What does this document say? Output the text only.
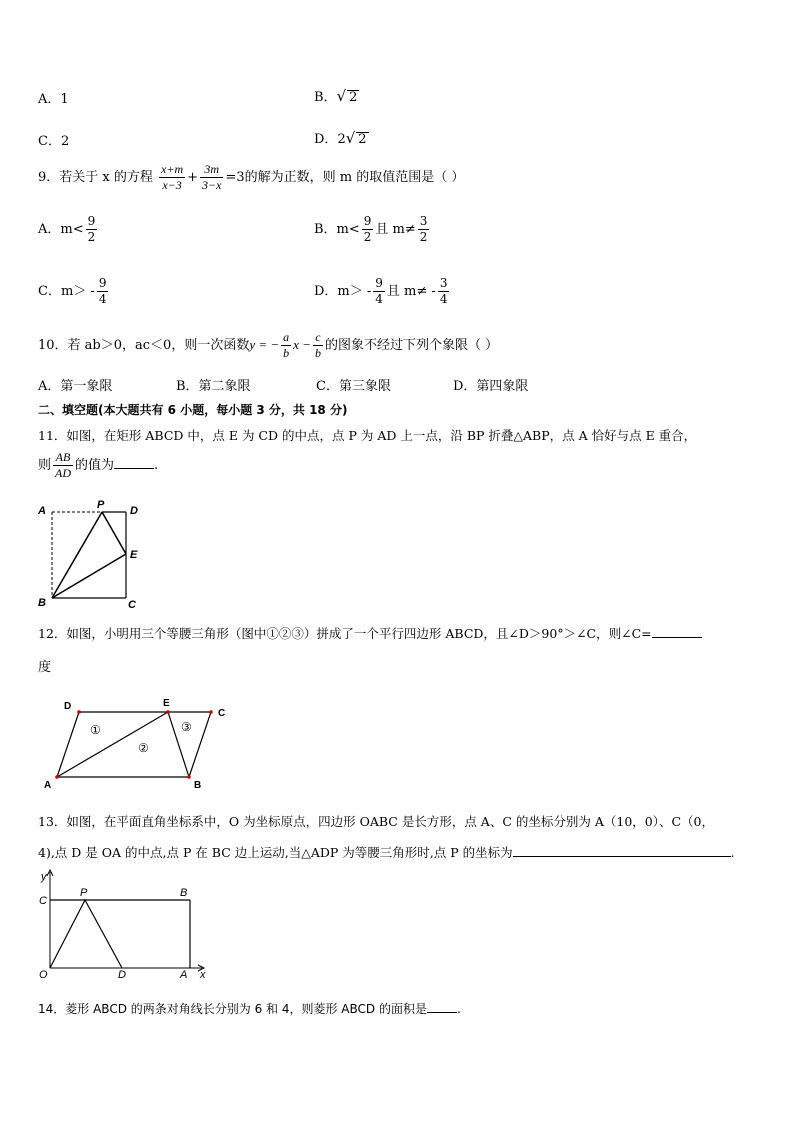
A．1	B．√ 2
C．2	D．2√ 2
9．若关于 x 的方程 $\frac{x+m}{x-3} + \frac{3m}{3-x} =3$的解为正数，则 m 的取值范围是（ ）
A．$m< \frac{9}{2}$	B．$m< \frac{9}{2}$ 且 $m\ne \frac{3}{2}$
C．$m> - \frac{9}{4}$	D．$m> - \frac{9}{4}$ 且 $m\ne - \frac{3}{4}$
10．若 ab＞0，ac＜0，则一次函数y = − $\frac{a}{b}$ $x - \frac{c}{b}$ 的图象不经过下列个象限（ ）
A．第一象限	B．第二象限	C．第三象限	D．第四象限
二、填空题(本大题共有 6 小题，每小题 3 分，共 18 分)
11．如图，在矩形 ABCD 中，点 E 为 CD 的中点，点 P 为 AD 上一点，沿 BP 折叠△ABP，点 A 恰好与点 E 重合，
则 $\frac{AB}{AD}$ 的值为	.
A	P D
E
B	C
12．如图，小明用三个等腰三角形（图中①②③）拼成了一个平行四边形 ABCD，且∠D＞90°＞∠C，则∠C=
度
D	E
C
A	B
①
②
③
13．如图，在平面直角坐标系中，O 为坐标原点，四边形 OABC 是长方形，点 A、C 的坐标分别为 A（10，0）、C（0，
4),点 D 是 OA 的中点,点 P 在 BC 边上运动,当△ADP 为等腰三角形时,点 P 的坐标为	.
y
x
C
P	B
O	D	A
14．菱形 ABCD 的两条对角线长分别为 6 和 4，则菱形 ABCD 的面积是	.
